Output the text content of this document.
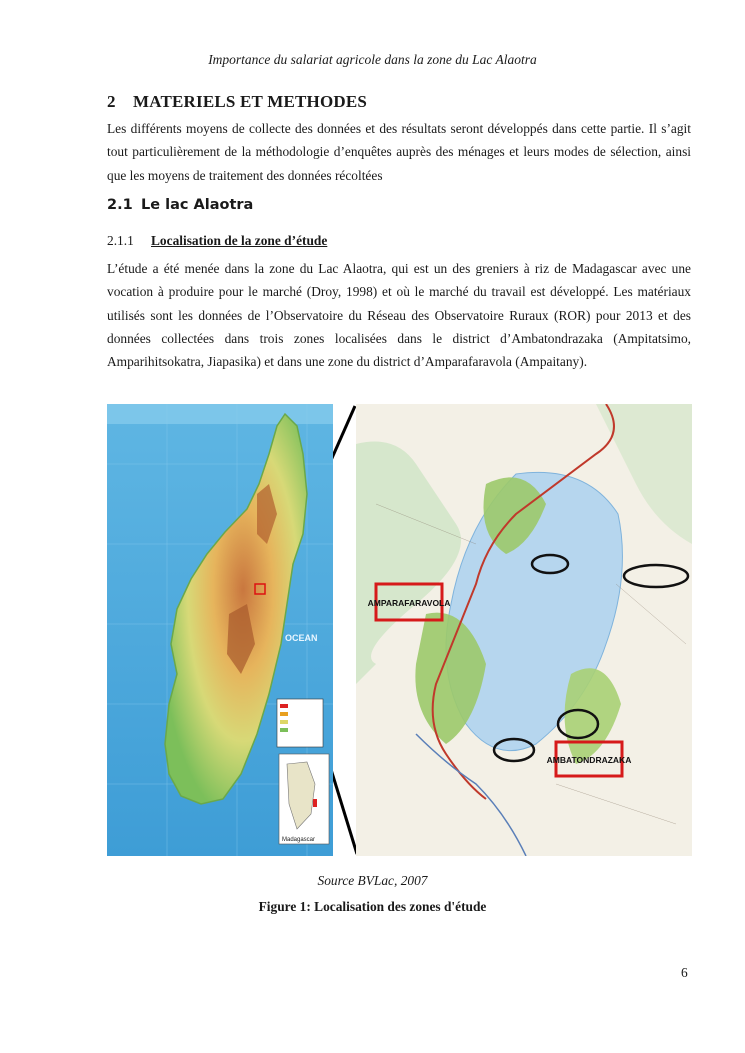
Importance du salariat agricole dans la zone du Lac Alaotra
2 MATERIELS ET METHODES
Les différents moyens de collecte des données et des résultats seront développés dans cette partie. Il s’agit tout particulièrement de la méthodologie d’enquêtes auprès des ménages et leurs modes de sélection, ainsi que les moyens de traitement des données récoltées
2.1 Le lac Alaotra
2.1.1 Localisation de la zone d’étude
L’étude a été menée dans la zone du Lac Alaotra, qui est un des greniers à riz de Madagascar avec une vocation à produire pour le marché (Droy, 1998) et où le marché du travail est développé. Les matériaux utilisés sont les données de l’Observatoire du Réseau des Observatoire Ruraux (ROR) pour 2013 et des données collectées dans trois zones localisées dans le district d’Ambatondrazaka (Ampitatsimo, Amparihitsokatra, Jiapasika) et dans une zone du district d’Amparafaravola (Ampaitany).
Madagascar
OCEAN
AMPARAFARAVOLA
AMBATONDRAZAKA
Source BVLac, 2007
Figure 1: Localisation des zones d'étude
6
